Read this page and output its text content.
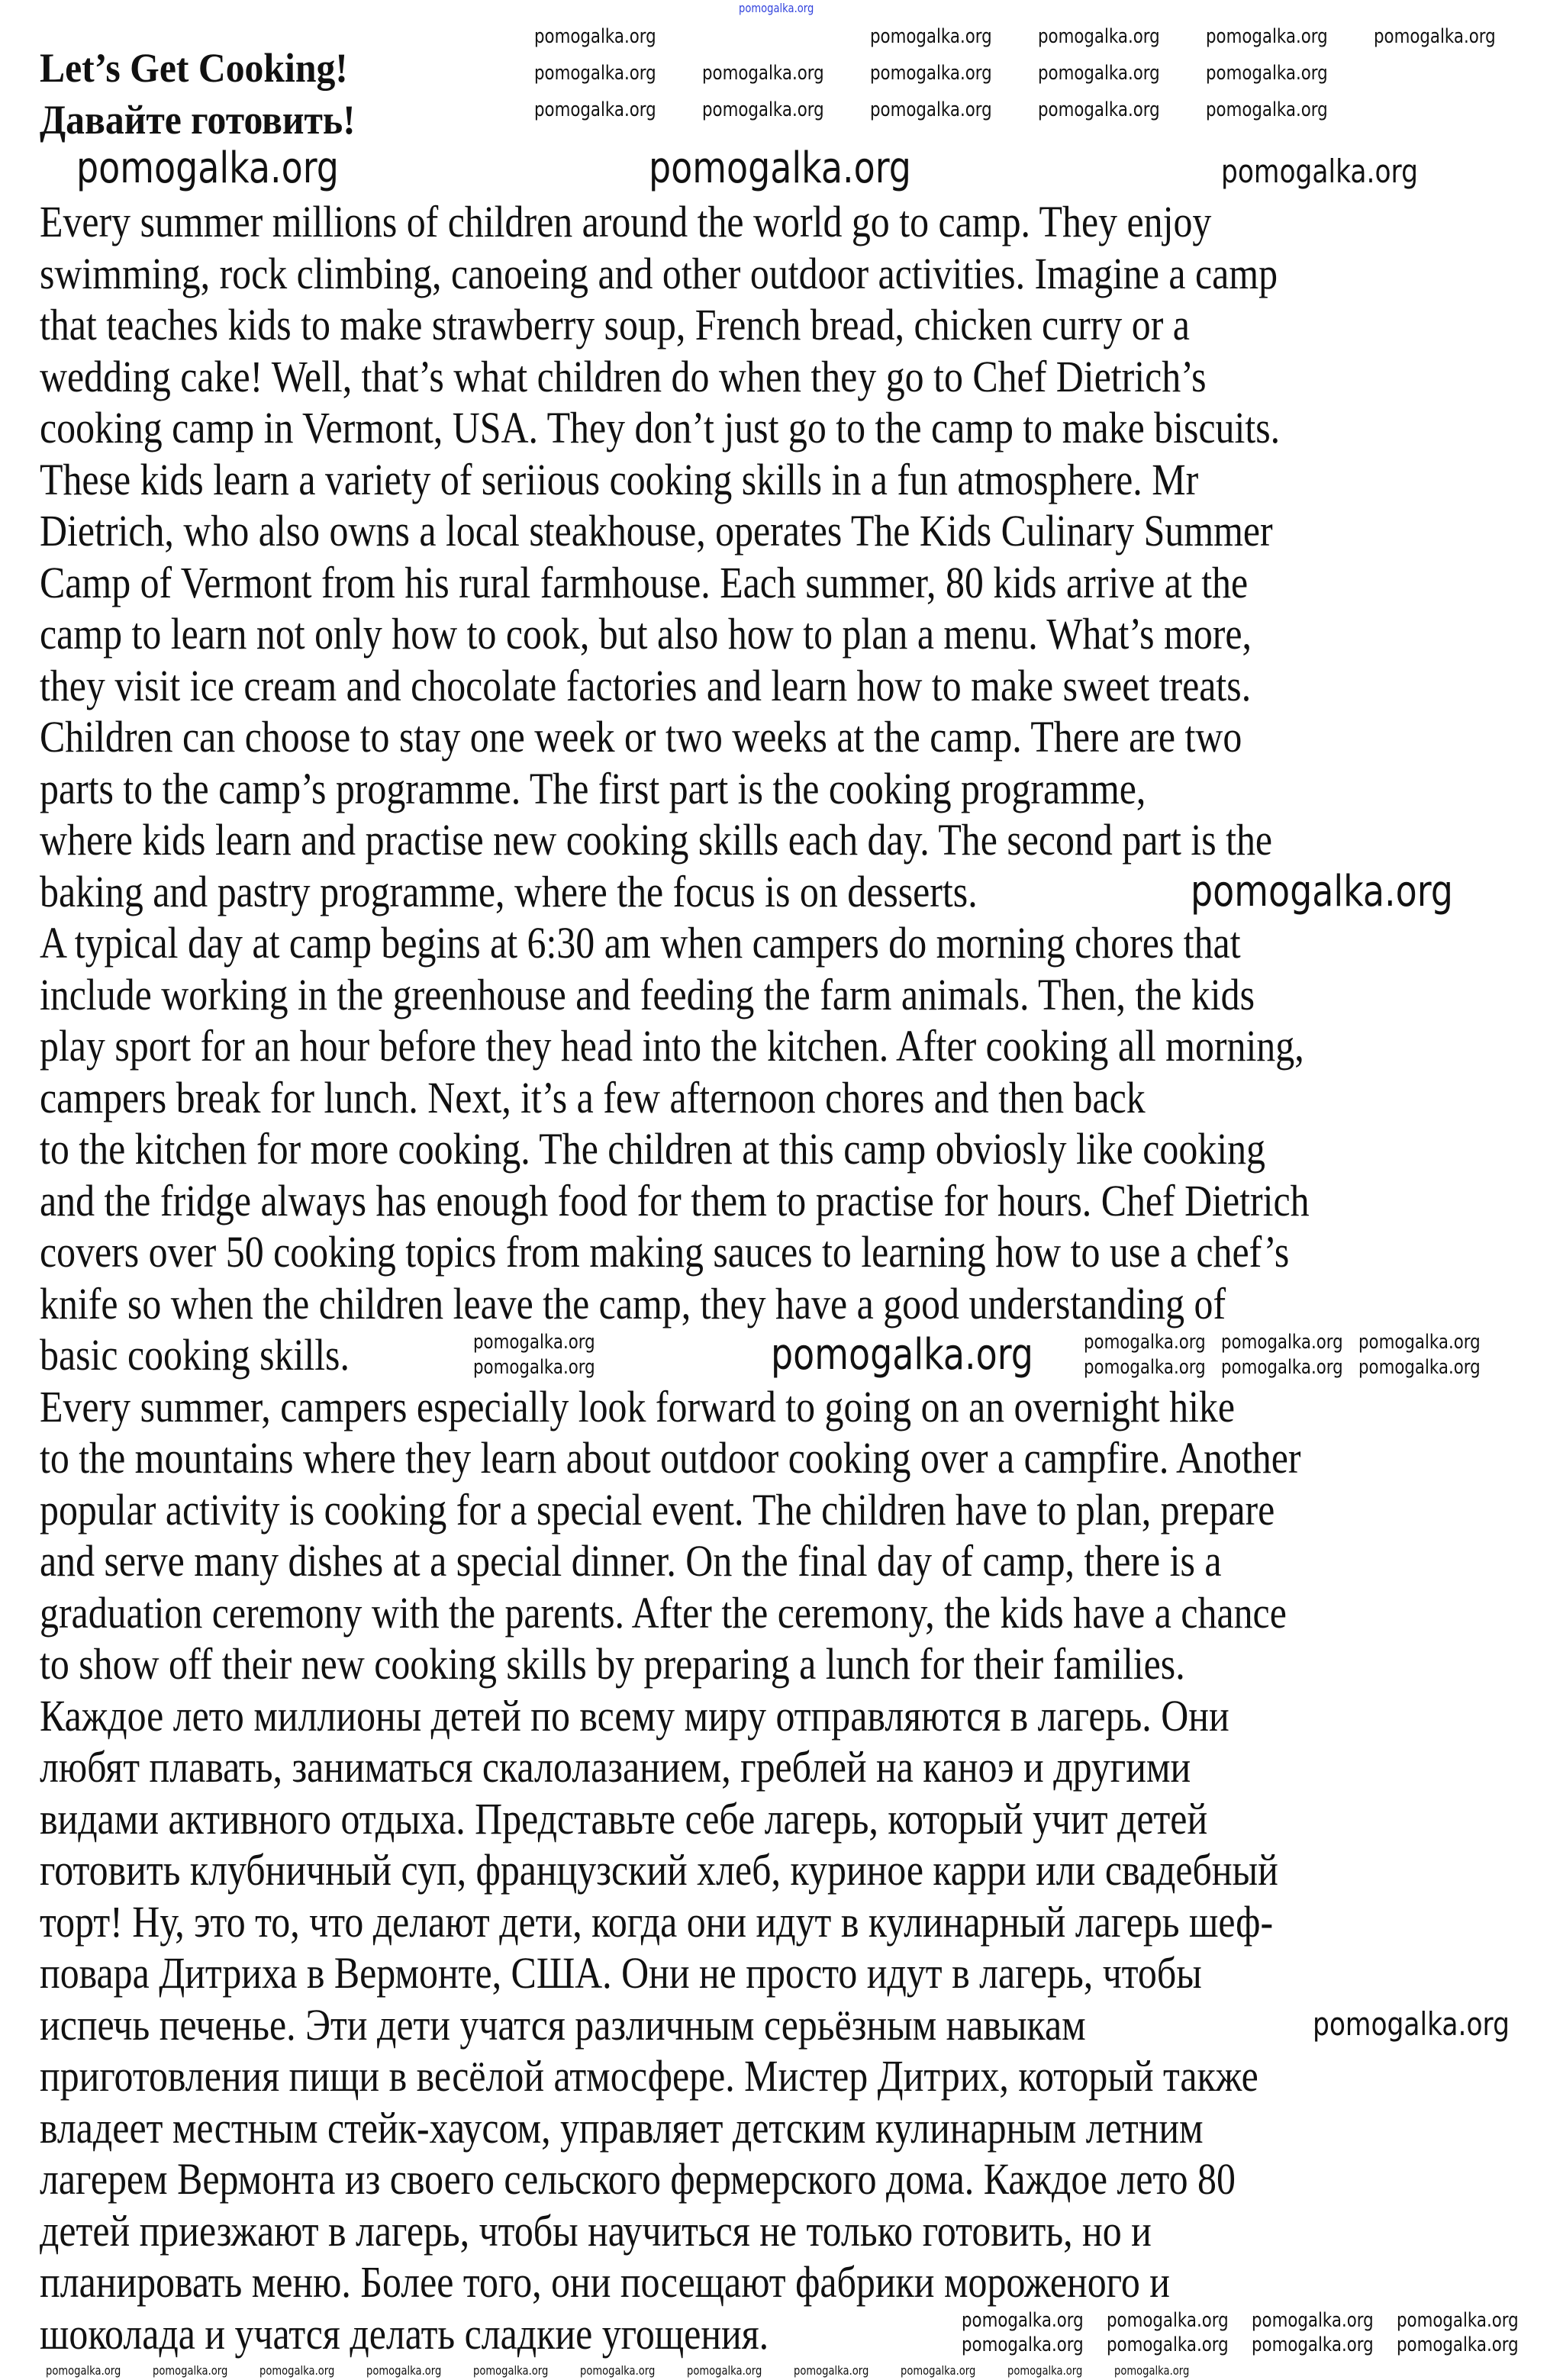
pomogalka.org
Let’s Get Cooking!
Давайте готовить!
Every summer millions of children around the world go to camp. They enjoy
swimming, rock climbing, canoeing and other outdoor activities. Imagine a camp
that teaches kids to make strawberry soup, French bread, chicken curry or a
wedding cake! Well, that’s what children do when they go to Chef Dietrich’s
cooking camp in Vermont, USA. They don’t just go to the camp to make biscuits.
These kids learn a variety of seriious cooking skills in a fun atmosphere. Mr
Dietrich, who also owns a local steakhouse, operates The Kids Culinary Summer
Camp of Vermont from his rural farmhouse. Each summer, 80 kids arrive at the
camp to learn not only how to cook, but also how to plan a menu. What’s more,
they visit ice cream and chocolate factories and learn how to make sweet treats.
Children can choose to stay one week or two weeks at the camp. There are two
parts to the camp’s programme. The first part is the cooking programme,
where kids learn and practise new cooking skills each day. The second part is the
baking and pastry programme, where the focus is on desserts.
A typical day at camp begins at 6:30 am when campers do morning chores that
include working in the greenhouse and feeding the farm animals. Then, the kids
play sport for an hour before they head into the kitchen. After cooking all morning,
campers break for lunch. Next, it’s a few afternoon chores and then back
to the kitchen for more cooking. The children at this camp obviosly like cooking
and the fridge always has enough food for them to practise for hours. Chef Dietrich
covers over 50 cooking topics from making sauces to learning how to use a chef’s
knife so when the children leave the camp, they have a good understanding of
basic cooking skills.
Every summer, campers especially look forward to going on an overnight hike
to the mountains where they learn about outdoor cooking over a campfire. Another
popular activity is cooking for a special event. The children have to plan, prepare
and serve many dishes at a special dinner. On the final day of camp, there is a
graduation ceremony with the parents. After the ceremony, the kids have a chance
to show off their new cooking skills by preparing a lunch for their families.
Каждое лето миллионы детей по всему миру отправляются в лагерь. Они
любят плавать, заниматься скалолазанием, греблей на каноэ и другими
видами активного отдыха. Представьте себе лагерь, который учит детей
готовить клубничный суп, французский хлеб, куриное карри или свадебный
торт! Ну, это то, что делают дети, когда они идут в кулинарный лагерь шеф-
повара Дитриха в Вермонте, США. Они не просто идут в лагерь, чтобы
испечь печенье. Эти дети учатся различным серьёзным навыкам
приготовления пищи в весёлой атмосфере. Мистер Дитрих, который также
владеет местным стейк-хаусом, управляет детским кулинарным летним
лагерем Вермонта из своего сельского фермерского дома. Каждое лето 80
детей приезжают в лагерь, чтобы научиться не только готовить, но и
планировать меню. Более того, они посещают фабрики мороженого и
шоколада и учатся делать сладкие угощения.
pomogalka.org	pomogalka.org	pomogalka.org
pomogalka.org	pomogalka.org pomogalka.org pomogalka.org pomogalka.org
pomogalka.org pomogalka.org pomogalka.org pomogalka.org pomogalka.org
pomogalka.org pomogalka.org pomogalka.org pomogalka.org pomogalka.org
pomogalka.org
pomogalka.org
pomogalka.org
pomogalka.org
pomogalka.org pomogalka.org pomogalka.org
pomogalka.org pomogalka.org pomogalka.org
pomogalka.org
pomogalka.org pomogalka.org pomogalka.org pomogalka.org
pomogalka.org pomogalka.org pomogalka.org pomogalka.org
pomogalka.org	pomogalka.org	pomogalka.org	pomogalka.org	pomogalka.org	pomogalka.org	pomogalka.org	pomogalka.org	pomogalka.org	pomogalka.org	pomogalka.org
